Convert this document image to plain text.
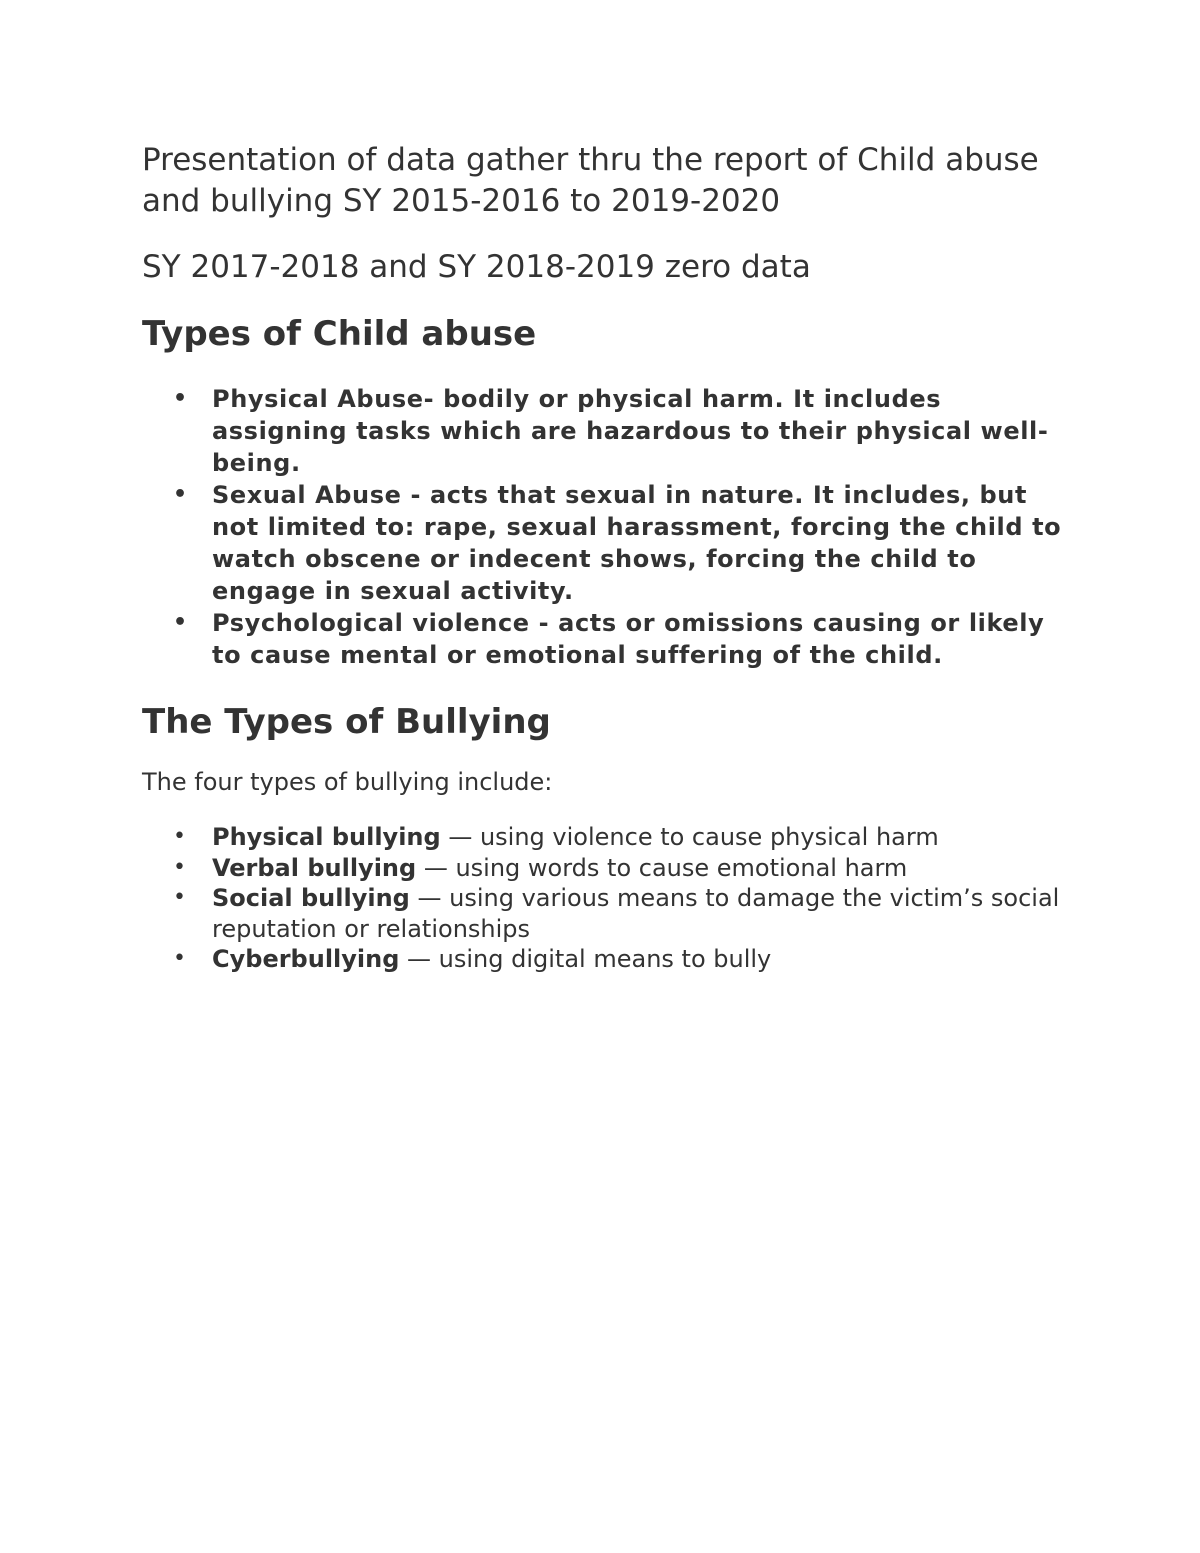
Presentation of data gather thru the report of Child abuse and bullying SY 2015-2016 to 2019-2020

SY 2017-2018 and SY 2018-2019 zero data

Types of Child abuse
• Physical Abuse- bodily or physical harm. It includes assigning tasks which are hazardous to their physical well-being.
• Sexual Abuse - acts that sexual in nature. It includes, but not limited to: rape, sexual harassment, forcing the child to watch obscene or indecent shows, forcing the child to engage in sexual activity.
• Psychological violence - acts or omissions causing or likely to cause mental or emotional suffering of the child.
The Types of Bullying

The four types of bullying include:

• Physical bullying — using violence to cause physical harm
• Verbal bullying — using words to cause emotional harm
• Social bullying — using various means to damage the victim’s social reputation or relationships
• Cyberbullying — using digital means to bully
